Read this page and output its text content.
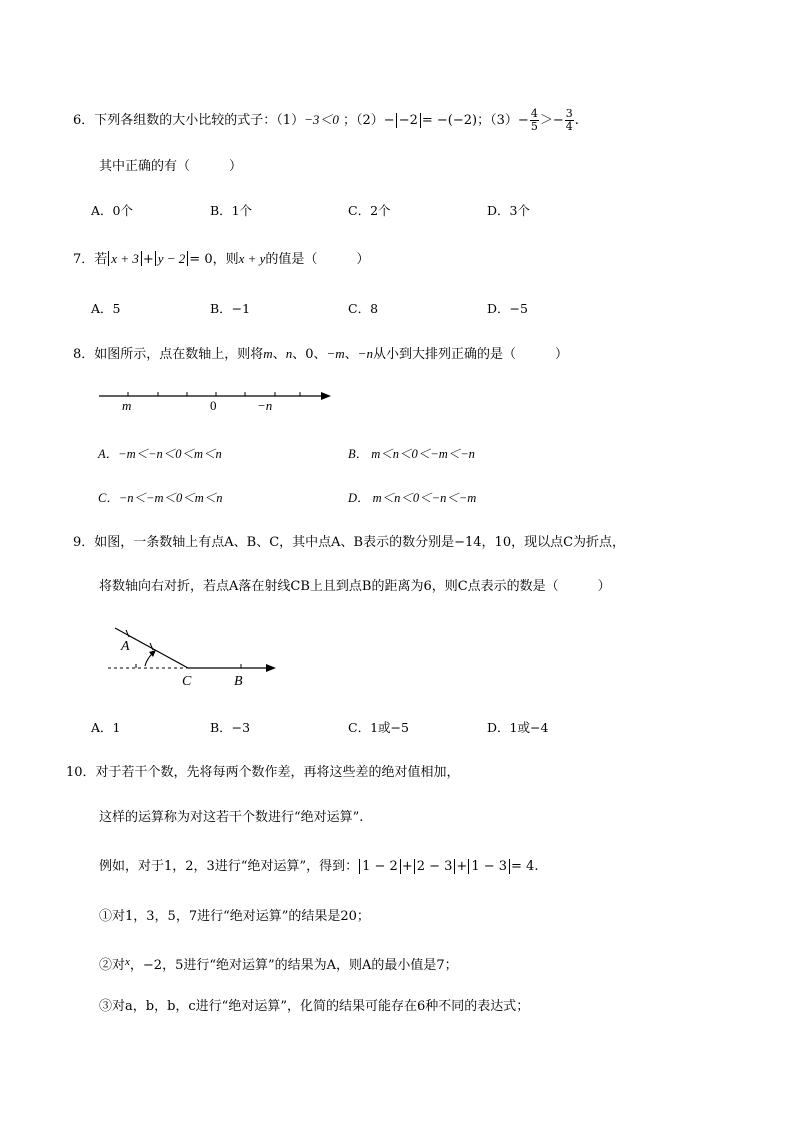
6．下列各组数的大小比较的式子：（1）−3＜0 ；（2）− −2 = −(−2)；$(3)- \frac{4}{5} >- \frac{3}{4}$ .
其中正确的有（　　　）
A．0个	B．1个	C．2个	D．3个
7．若 x + 3 + y − 2 = 0，则x + y的值是（　　　）
A．5	B．−1	C．8	D．−5
8．如图所示，点在数轴上，则将m、n、0、−m、−n从小到大排列正确的是（　　　）
m	0	−n
A．−m＜−n＜0＜m＜n	B． m＜n＜0＜−m＜−n
C．−n＜−m＜0＜m＜n	D． m＜n＜0＜−n＜−m
9．如图，一条数轴上有点A、B、C，其中点A、B表示的数分别是−14，10，现以点C为折点，
将数轴向右对折，若点A落在射线CB上且到点B的距离为6，则C点表示的数是（　　　）
A
C	B
A．1	B．−3	C．1或−5	D．1或−4
10．对于若干个数，先将每两个数作差，再将这些差的绝对值相加，
这样的运算称为对这若干个数进行“绝对运算”.
例如，对于1，2，3进行“绝对运算”，得到： 1 − 2 + 2 − 3 + 1 − 3 = 4.
①对1，3，5，7进行“绝对运算”的结果是20；
②对$^x$，−2，5进行“绝对运算”的结果为A，则A的最小值是7；
③对a，b，b，c进行“绝对运算”，化简的结果可能存在6种不同的表达式；
